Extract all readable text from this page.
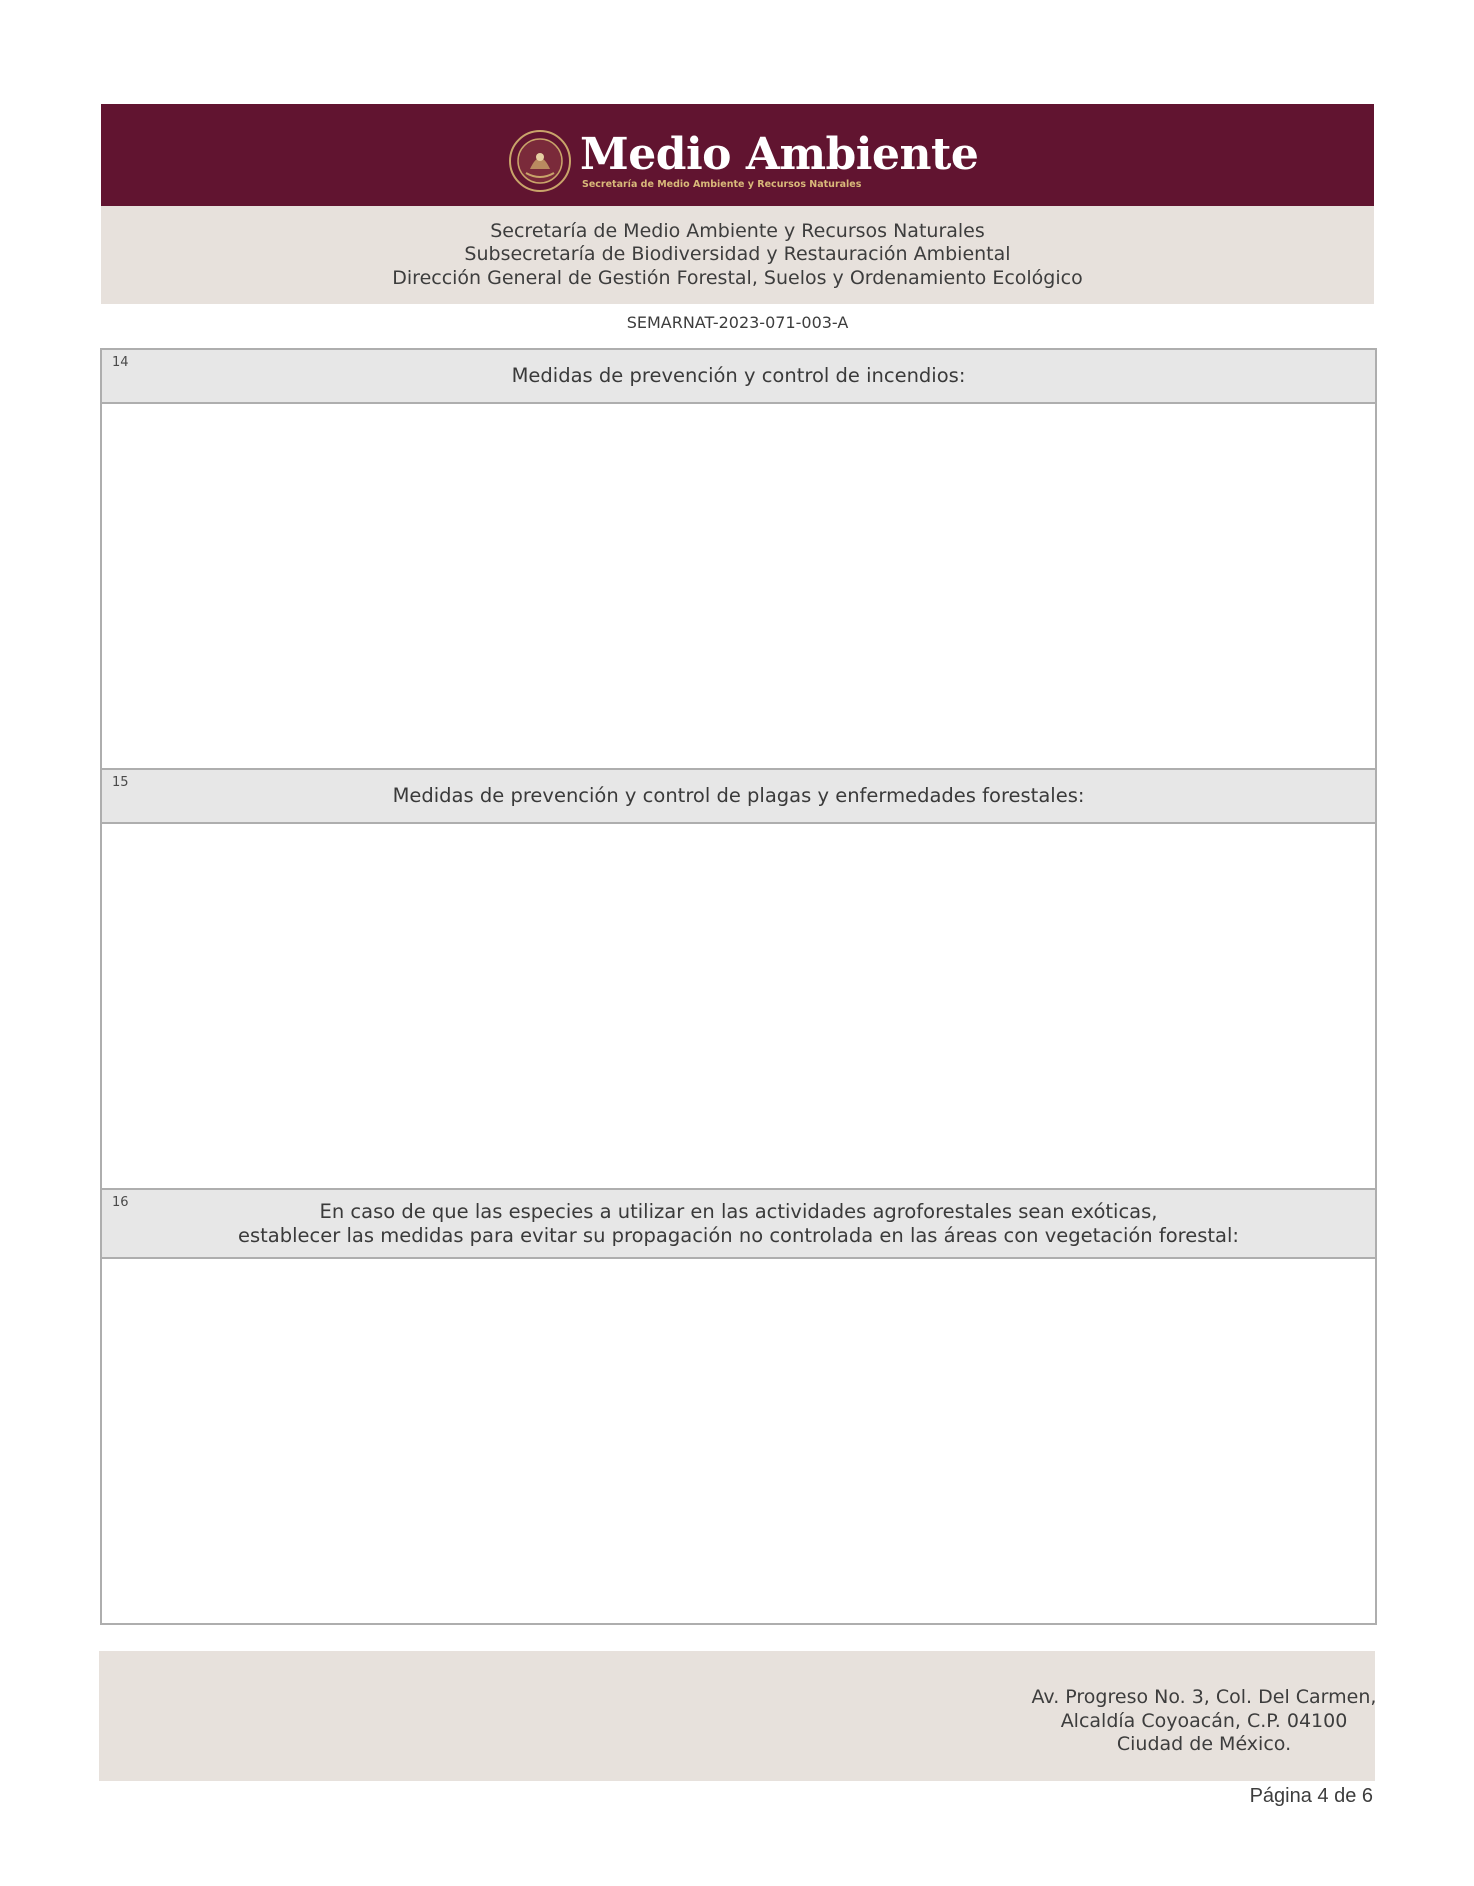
Medio Ambiente
Secretaría de Medio Ambiente y Recursos Naturales
Secretaría de Medio Ambiente y Recursos Naturales
Subsecretaría de Biodiversidad y Restauración Ambiental
Dirección General de Gestión Forestal, Suelos y Ordenamiento Ecológico
SEMARNAT-2023-071-003-A
14
Medidas de prevención y control de incendios:
15
Medidas de prevención y control de plagas y enfermedades forestales:
16	En caso de que las especies a utilizar en las actividades agroforestales sean exóticas,
establecer las medidas para evitar su propagación no controlada en las áreas con vegetación forestal:
Av. Progreso No. 3, Col. Del Carmen,
Alcaldía Coyoacán, C.P. 04100
Ciudad de México.
Página 4 de 6
